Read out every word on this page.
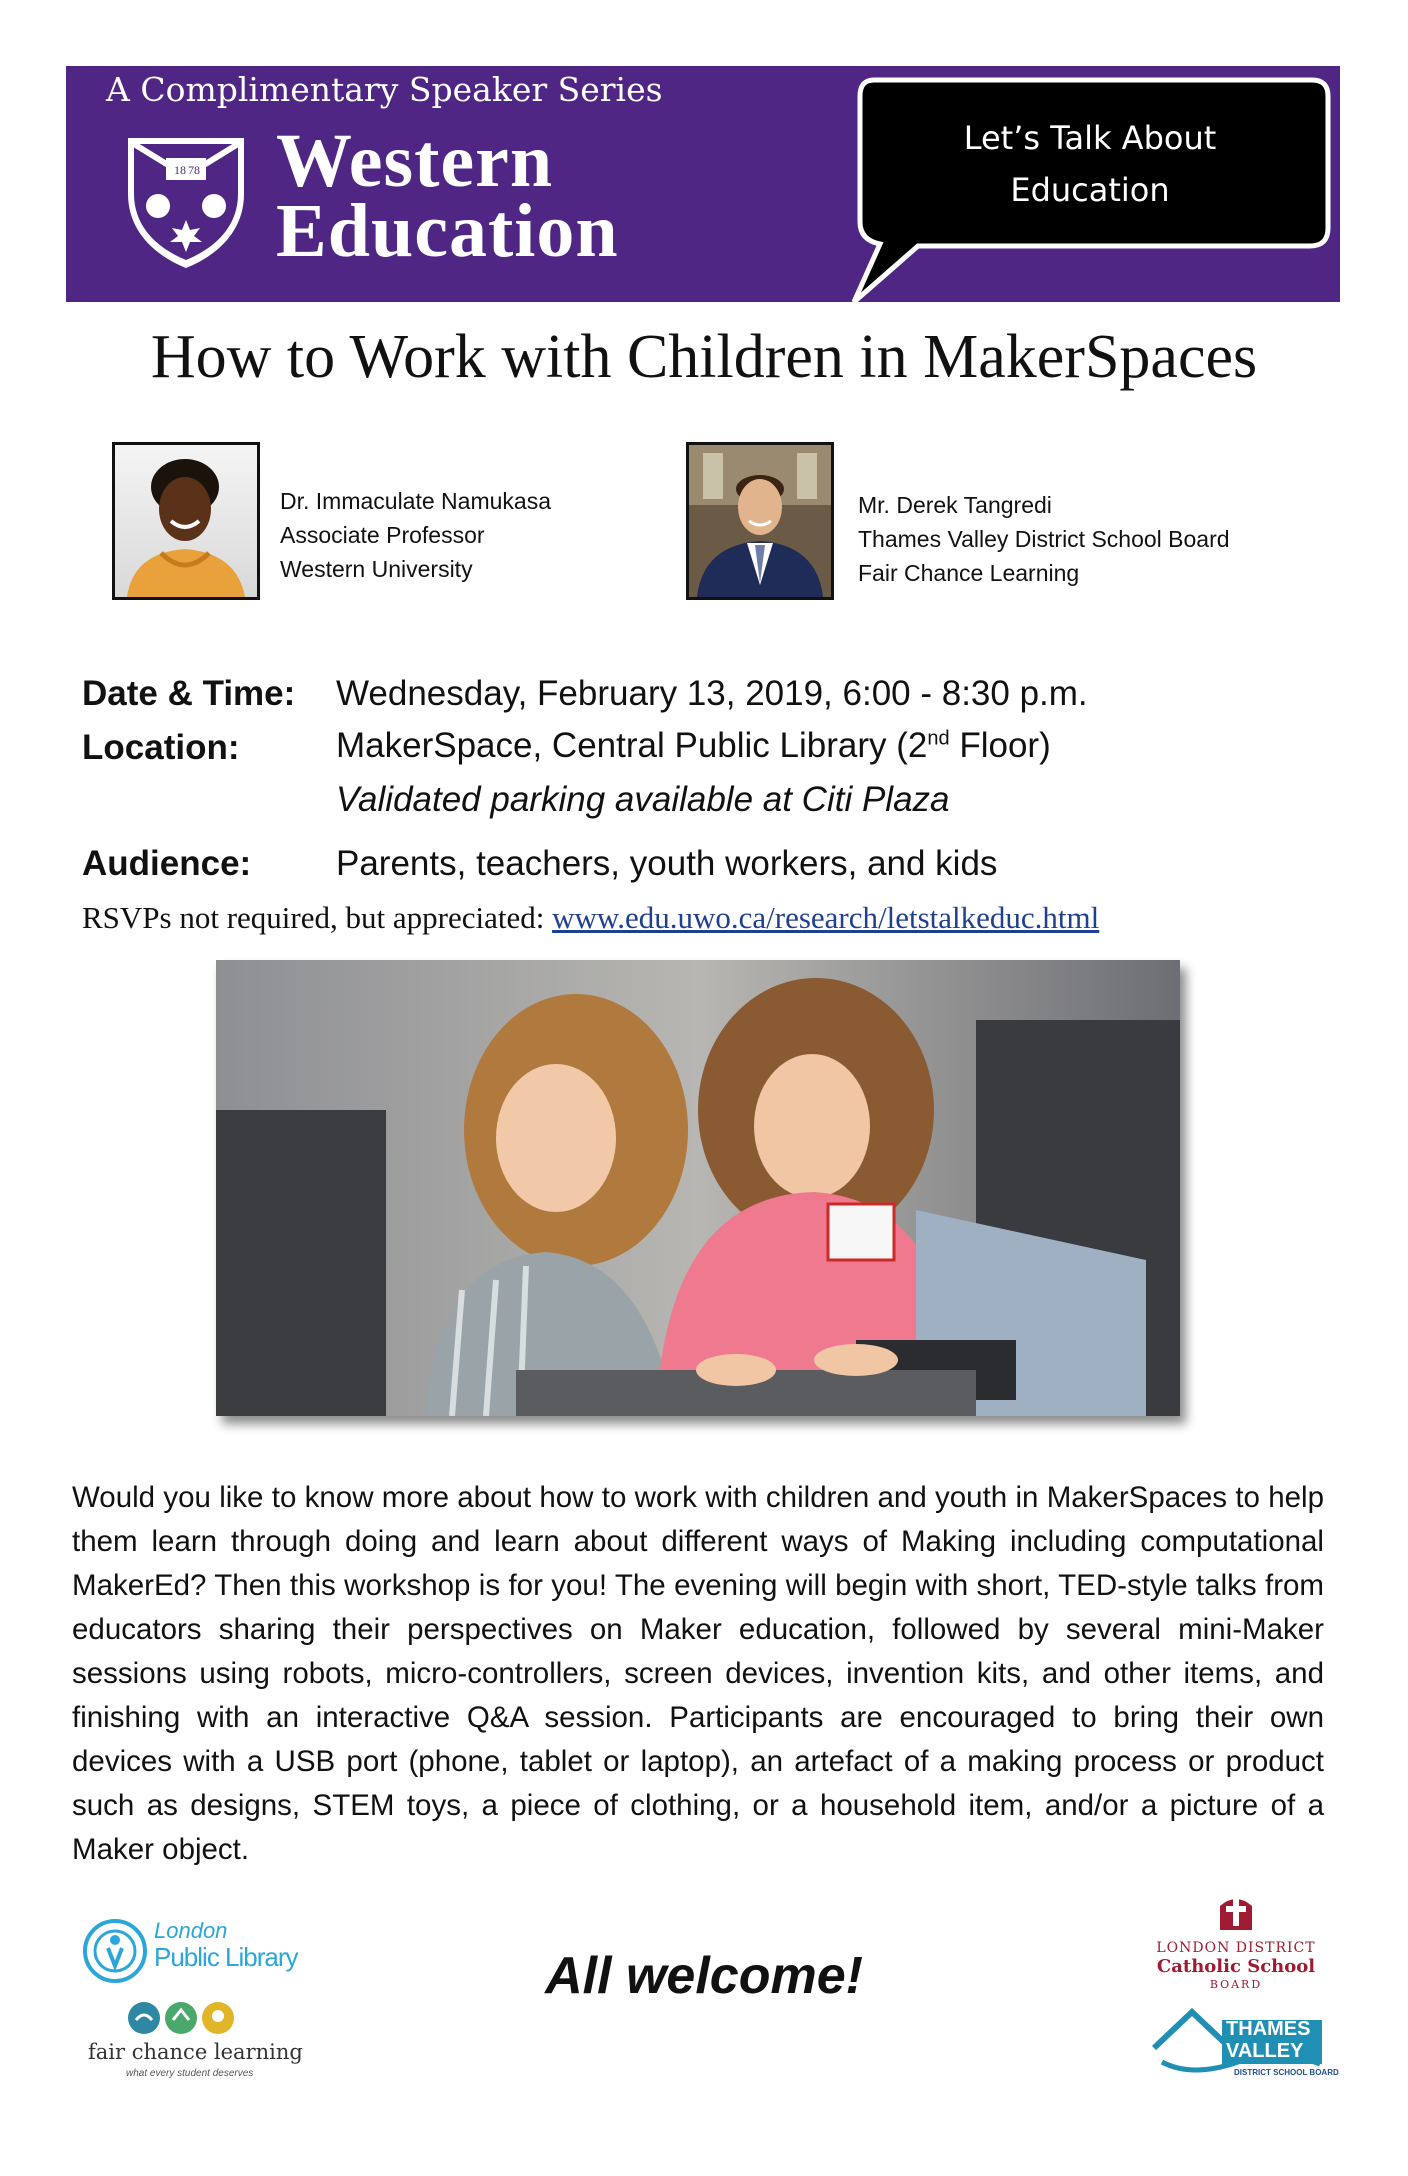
A Complimentary Speaker Series
18 78 Western
Education
Let’s Talk About
Education
How to Work with Children in MakerSpaces
Dr. Immaculate Namukasa
Associate Professor
Western University
Mr. Derek Tangredi
Thames Valley District School Board
Fair Chance Learning
Date & Time: Wednesday, February 13, 2019, 6:00 - 8:30 p.m.
Location:	MakerSpace, Central Public Library (2nd Floor)
Validated parking available at Citi Plaza
Audience: Parents, teachers, youth workers, and kids
RSVPs not required, but appreciated: www.edu.uwo.ca/research/letstalkeduc.html
Would you like to know more about how to work with children and youth in MakerSpaces to help them learn through doing and learn about different ways of Making including computational MakerEd? Then this workshop is for you! The evening will begin with short, TED-style talks from educators sharing their perspectives on Maker education, followed by several mini-Maker sessions using robots, micro-controllers, screen devices, invention kits, and other items, and finishing with an interactive Q&A session. Participants are encouraged to bring their own devices with a USB port (phone, tablet or laptop), an artefact of a making process or product such as designs, STEM toys, a piece of clothing, or a household item, and/or a picture of a Maker object.
London
Public Library
fair chance learning
what every student deserves
All welcome!	LONDON DISTRICT
Catholic School
BOARD
THAMES
VALLEY
DISTRICT SCHOOL BOARD
